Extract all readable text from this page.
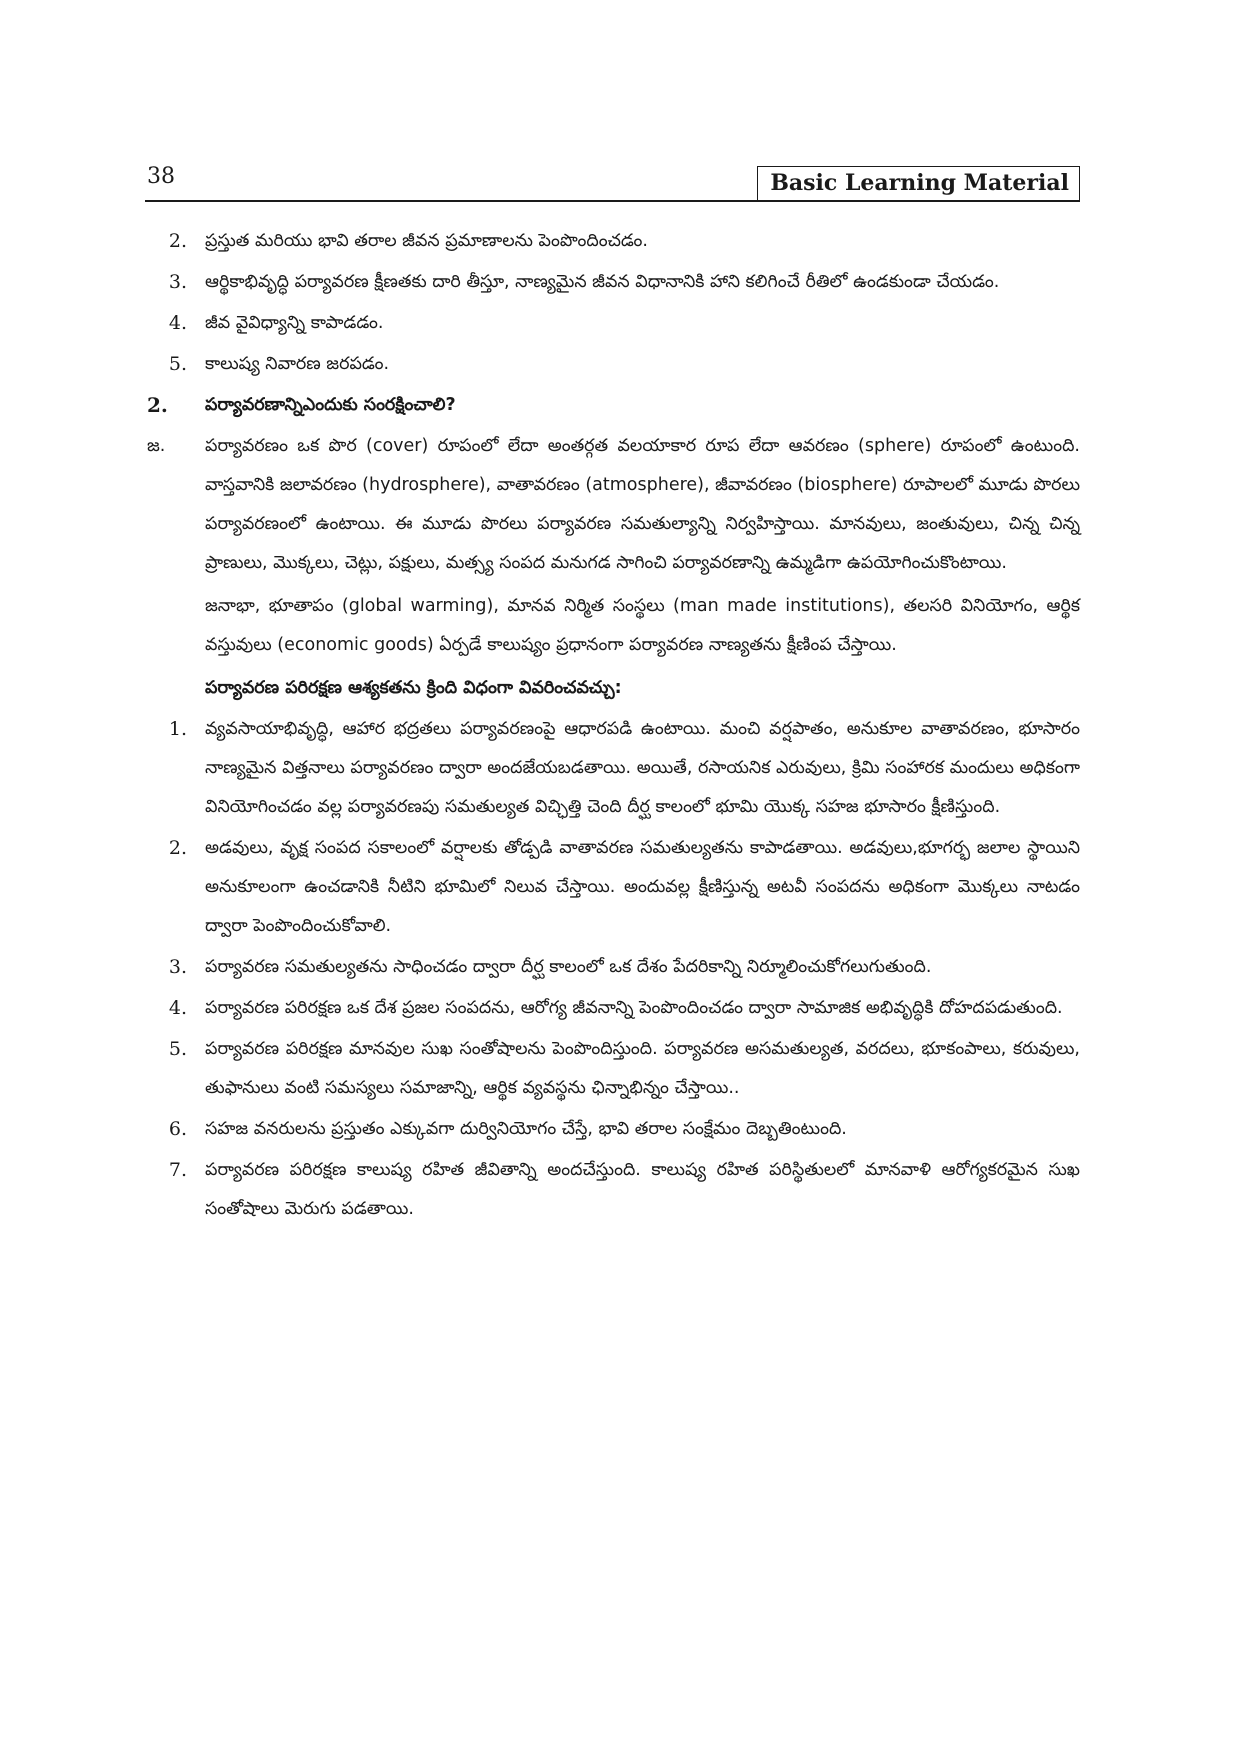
38	Basic Learning Material
2.	ప్రస్తుత మరియు భావి తరాల జీవన ప్రమాణాలను పెంపొందించడం.
3.	ఆర్థికాభివృద్ధి పర్యావరణ క్షీణతకు దారి తీస్తూ, నాణ్యమైన జీవన విధానానికి హాని కలిగించే రీతిలో ఉండకుండా చేయడం.
4.	జీవ వైవిధ్యాన్ని కాపాడడం.
5.	కాలుష్య నివారణ జరపడం.
2.	పర్యావరణాన్నిఎందుకు సంరక్షించాలి?
జ.	పర్యావరణం ఒక పొర (cover) రూపంలో లేదా అంతర్గత వలయాకార రూప లేదా ఆవరణం (sphere) రూపంలో ఉంటుంది. వాస్తవానికి జలావరణం (hydrosphere), వాతావరణం (atmosphere), జీవావరణం (biosphere) రూపాలలో మూడు పొరలు పర్యావరణంలో ఉంటాయి. ఈ మూడు పొరలు పర్యావరణ సమతుల్యాన్ని నిర్వహిస్తాయి. మానవులు, జంతువులు, చిన్న చిన్న ప్రాణులు, మొక్కలు, చెట్లు, పక్షులు, మత్స్య సంపద మనుగడ సాగించి పర్యావరణాన్ని ఉమ్మడిగా ఉపయోగించుకొంటాయి.
జనాభా, భూతాపం (global warming), మానవ నిర్మిత సంస్థలు (man made institutions), తలసరి వినియోగం, ఆర్థిక వస్తువులు (economic goods) ఏర్పడే కాలుష్యం ప్రధానంగా పర్యావరణ నాణ్యతను క్షీణింప చేస్తాయి.
పర్యావరణ పరిరక్షణ ఆశ్యకతను క్రింది విధంగా వివరించవచ్చు:
1.	వ్యవసాయాభివృద్ధి, ఆహార భద్రతలు పర్యావరణంపై ఆధారపడి ఉంటాయి. మంచి వర్షపాతం, అనుకూల వాతావరణం, భూసారం నాణ్యమైన విత్తనాలు పర్యావరణం ద్వారా అందజేయబడతాయి. అయితే, రసాయనిక ఎరువులు, క్రిమి సంహారక మందులు అధికంగా వినియోగించడం వల్ల పర్యావరణపు సమతుల్యత విచ్ఛిత్తి చెంది దీర్ఘ కాలంలో భూమి యొక్క సహజ భూసారం క్షీణిస్తుంది.
2.	అడవులు, వృక్ష సంపద సకాలంలో వర్షాలకు తోడ్పడి వాతావరణ సమతుల్యతను కాపాడతాయి. అడవులు,భూగర్భ జలాల స్థాయిని అనుకూలంగా ఉంచడానికి నీటిని భూమిలో నిలువ చేస్తాయి. అందువల్ల క్షీణిస్తున్న అటవీ సంపదను అధికంగా మొక్కలు నాటడం ద్వారా పెంపొందించుకోవాలి.
3.	పర్యావరణ సమతుల్యతను సాధించడం ద్వారా దీర్ఘ కాలంలో ఒక దేశం పేదరికాన్ని నిర్మూలించుకోగలుగుతుంది.
4.	పర్యావరణ పరిరక్షణ ఒక దేశ ప్రజల సంపదను, ఆరోగ్య జీవనాన్ని పెంపొందించడం ద్వారా సామాజిక అభివృద్ధికి దోహదపడుతుంది.
5.	పర్యావరణ పరిరక్షణ మానవుల సుఖ సంతోషాలను పెంపొందిస్తుంది. పర్యావరణ అసమతుల్యత, వరదలు, భూకంపాలు, కరువులు, తుఫానులు వంటి సమస్యలు సమాజాన్ని, ఆర్థిక వ్యవస్థను ఛిన్నాభిన్నం చేస్తాయి..
6.	సహజ వనరులను ప్రస్తుతం ఎక్కువగా దుర్వినియోగం చేస్తే, భావి తరాల సంక్షేమం దెబ్బతింటుంది.
7.	పర్యావరణ పరిరక్షణ కాలుష్య రహిత జీవితాన్ని అందచేస్తుంది. కాలుష్య రహిత పరిస్థితులలో మానవాళి ఆరోగ్యకరమైన సుఖ సంతోషాలు మెరుగు పడతాయి.
